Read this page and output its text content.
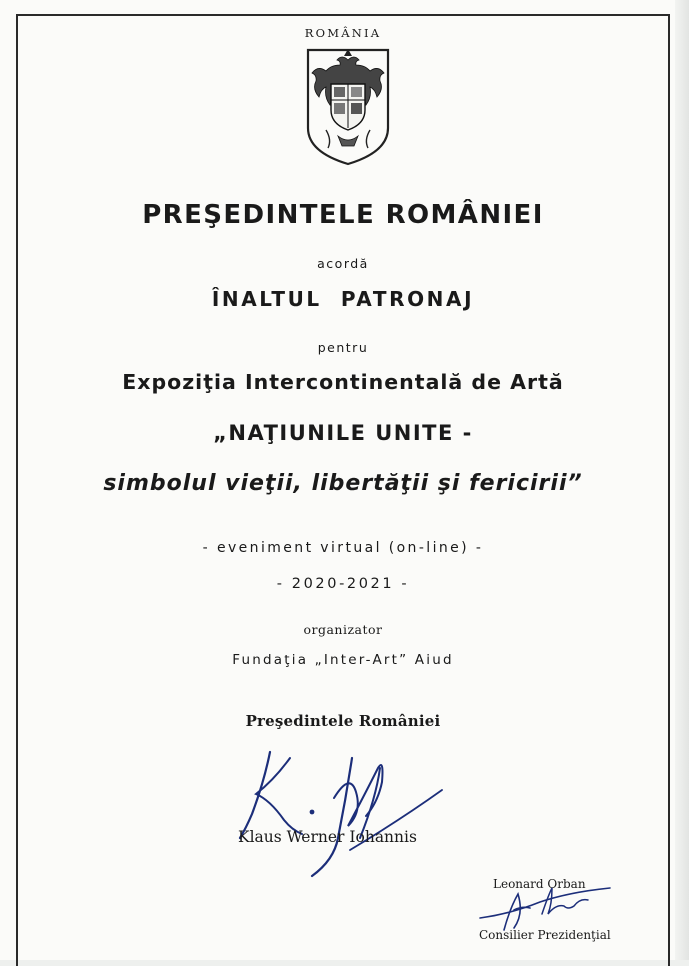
ROMÂNIA
PREŞEDINTELE ROMÂNIEI
acordă
ÎNALTUL  PATRONAJ
pentru
Expoziţia Intercontinentală de Artă
„NAŢIUNILE UNITE -
simbolul vieţii, libertăţii şi fericirii”
- eveniment virtual (on-line) -
- 2020-2021 -
organizator
Fundaţia „Inter-Art” Aiud
Preşedintele României
Klaus Werner Iohannis
Leonard Orban
Consilier Prezidenţial
